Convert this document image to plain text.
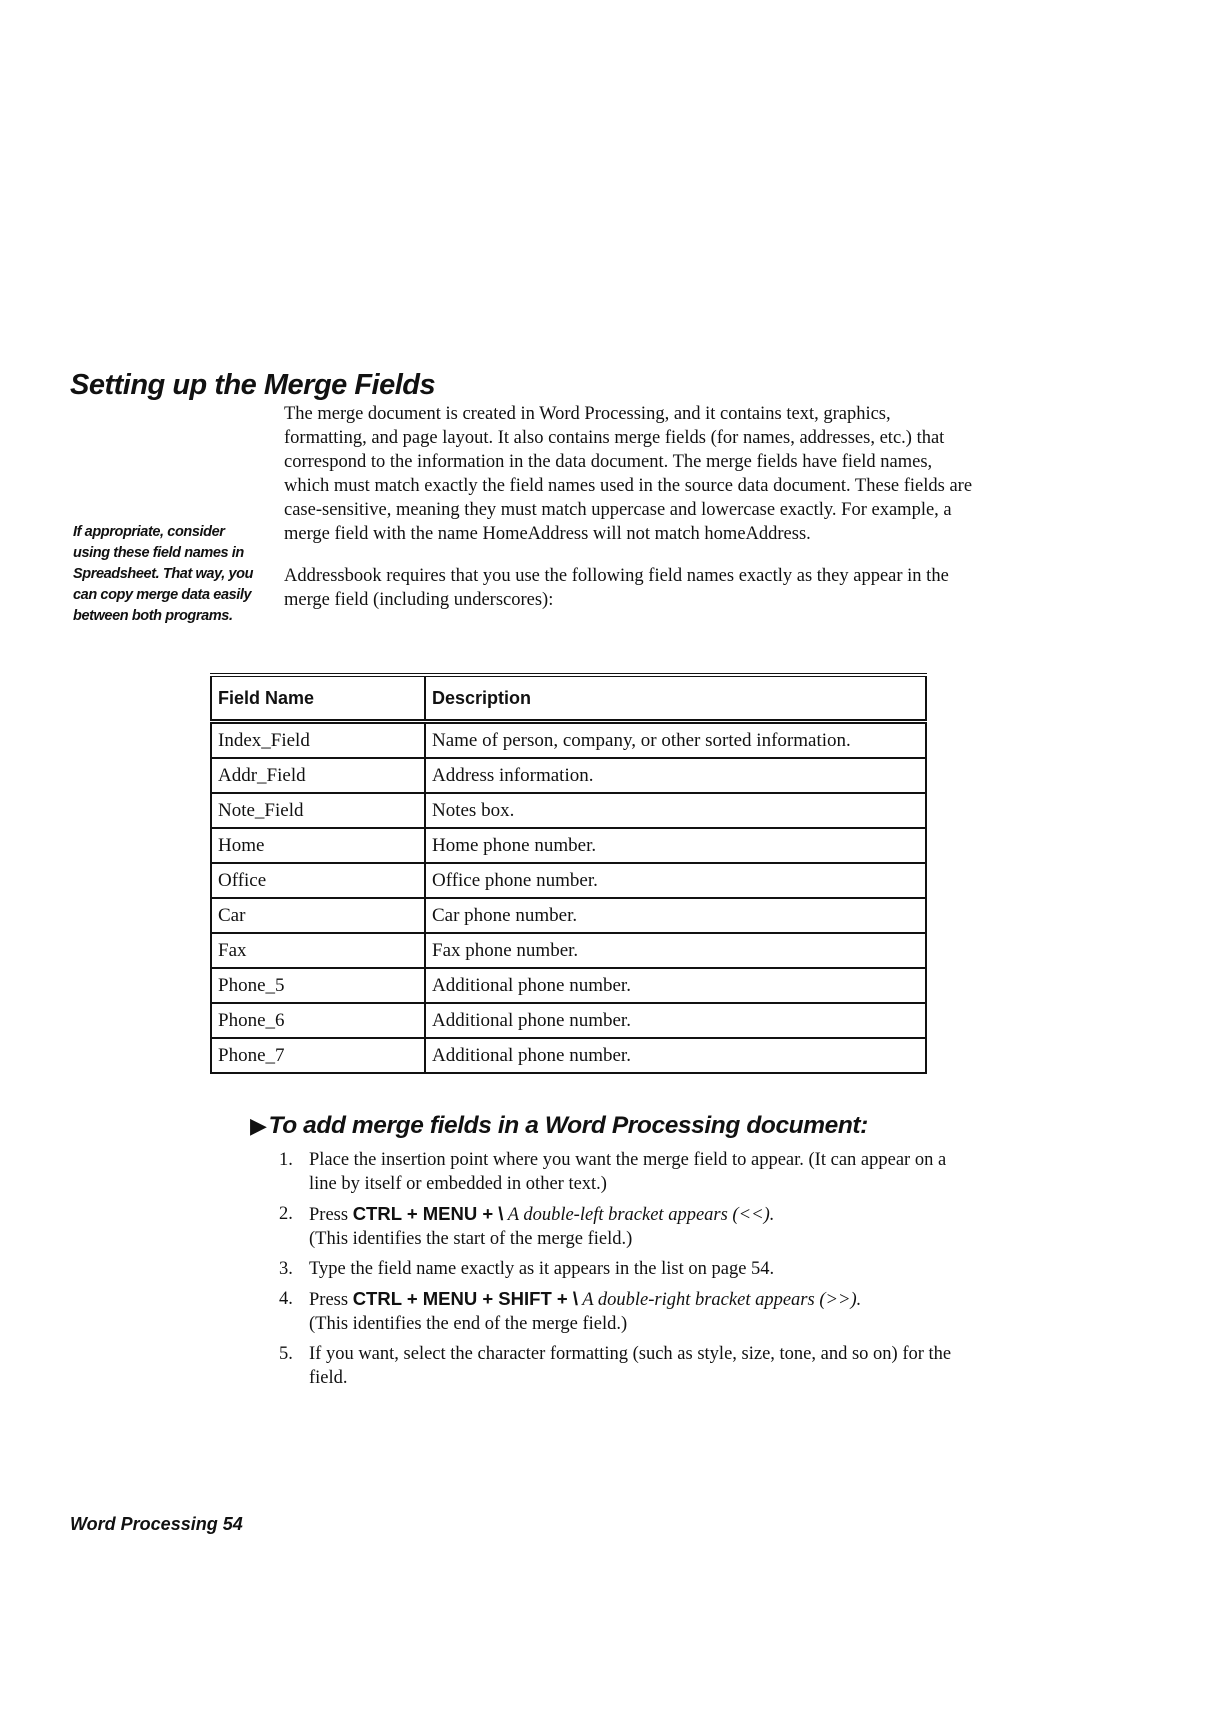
Setting up the Merge Fields

The merge document is created in Word Processing, and it contains text, graphics, formatting, and page layout. It also contains merge fields (for names, addresses, etc.) that correspond to the information in the data document. The merge fields have field names, which must match exactly the field names used in the source data document. These fields are case-sensitive, meaning they must match uppercase and lowercase exactly. For example, a merge field with the name HomeAddress will not match homeAddress.

Addressbook requires that you use the following field names exactly as they appear in the merge field (including underscores):

If appropriate, consider using these field names in Spreadsheet. That way, you can copy merge data easily between both programs.
Field Name	Description
Index_Field	Name of person, company, or other sorted information.
Addr_Field	Address information.
Note_Field	Notes box.
Home	Home phone number.
Office	Office phone number.
Car	Car phone number.
Fax	Fax phone number.
Phone_5	Additional phone number.
Phone_6	Additional phone number.
Phone_7	Additional phone number.
▶To add merge fields in a Word Processing document:
1. Place the insertion point where you want the merge field to appear. (It can appear on a line by itself or embedded in other text.)
2. Press CTRL + MENU + \ A double-left bracket appears (<<).
(This identifies the start of the merge field.)
3. Type the field name exactly as it appears in the list on page 54.
4. Press CTRL + MENU + SHIFT + \ A double-right bracket appears (>>).
(This identifies the end of the merge field.)
5. If you want, select the character formatting (such as style, size, tone, and so on) for the field.
Word Processing 54
